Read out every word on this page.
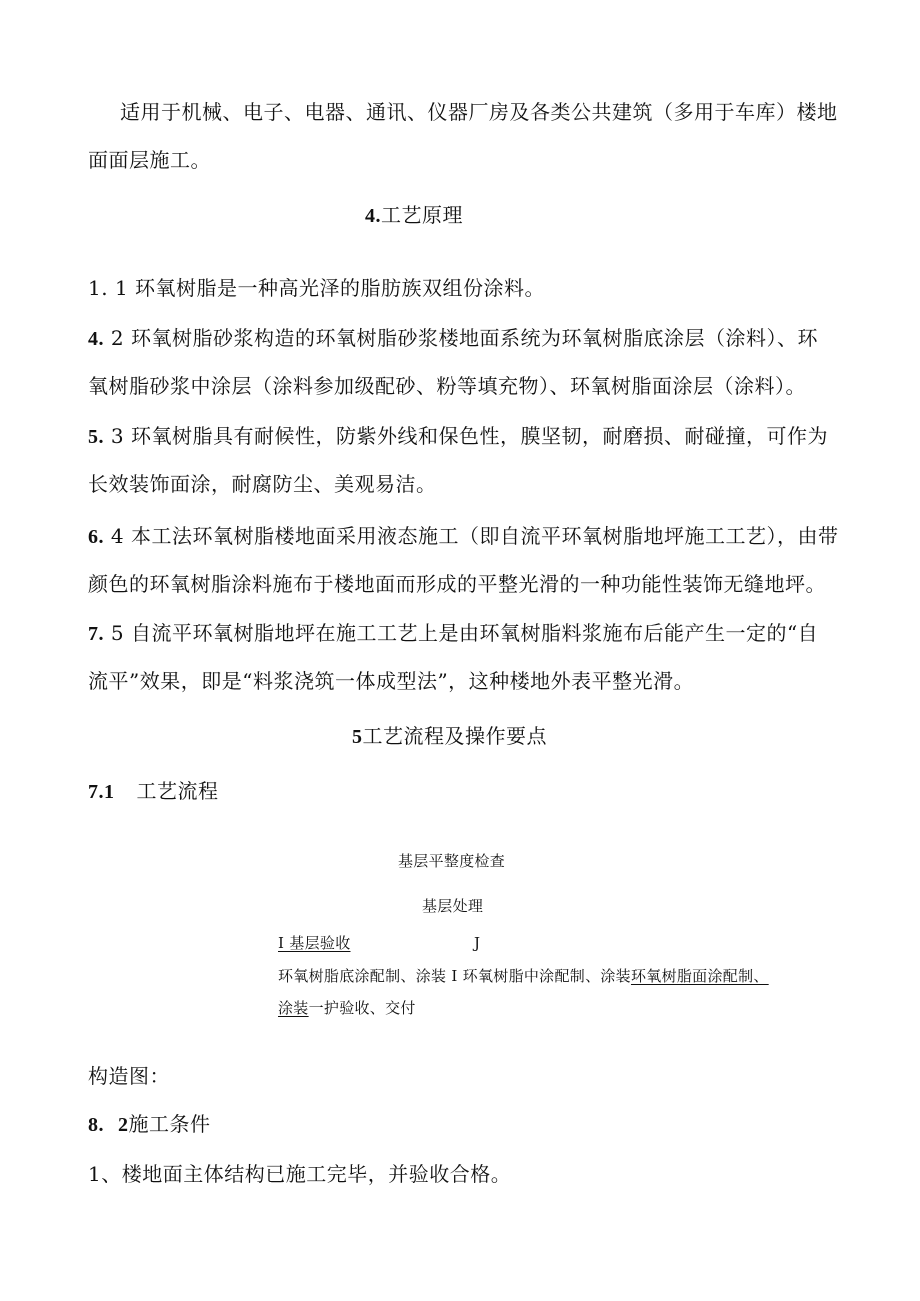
适用于机械、电子、电器、通讯、仪器厂房及各类公共建筑（多用于车库）楼地
面面层施工。
4.工艺原理
1. 1 环氧树脂是一种高光泽的脂肪族双组份涂料。
4. 2 环氧树脂砂浆构造的环氧树脂砂浆楼地面系统为环氧树脂底涂层（涂料）、环
氧树脂砂浆中涂层（涂料参加级配砂、粉等填充物）、环氧树脂面涂层（涂料）。
5. 3 环氧树脂具有耐候性，防紫外线和保色性，膜坚韧，耐磨损、耐碰撞，可作为
长效装饰面涂，耐腐防尘、美观易洁。
6. 4 本工法环氧树脂楼地面采用液态施工（即自流平环氧树脂地坪施工工艺），由带
颜色的环氧树脂涂料施布于楼地面而形成的平整光滑的一种功能性装饰无缝地坪。
7. 5 自流平环氧树脂地坪在施工工艺上是由环氧树脂料浆施布后能产生一定的“自
流平”效果，即是“料浆浇筑一体成型法”，这种楼地外表平整光滑。
5工艺流程及操作要点
7.1 工艺流程
基层平整度检查
基层处理
I 基层验收	J
环氧树脂底涂配制、涂装 I 环氧树脂中涂配制、涂装环氧树脂面涂配制、
涂装一护验收、交付
构造图：
8. 2施工条件
1、楼地面主体结构已施工完毕，并验收合格。
